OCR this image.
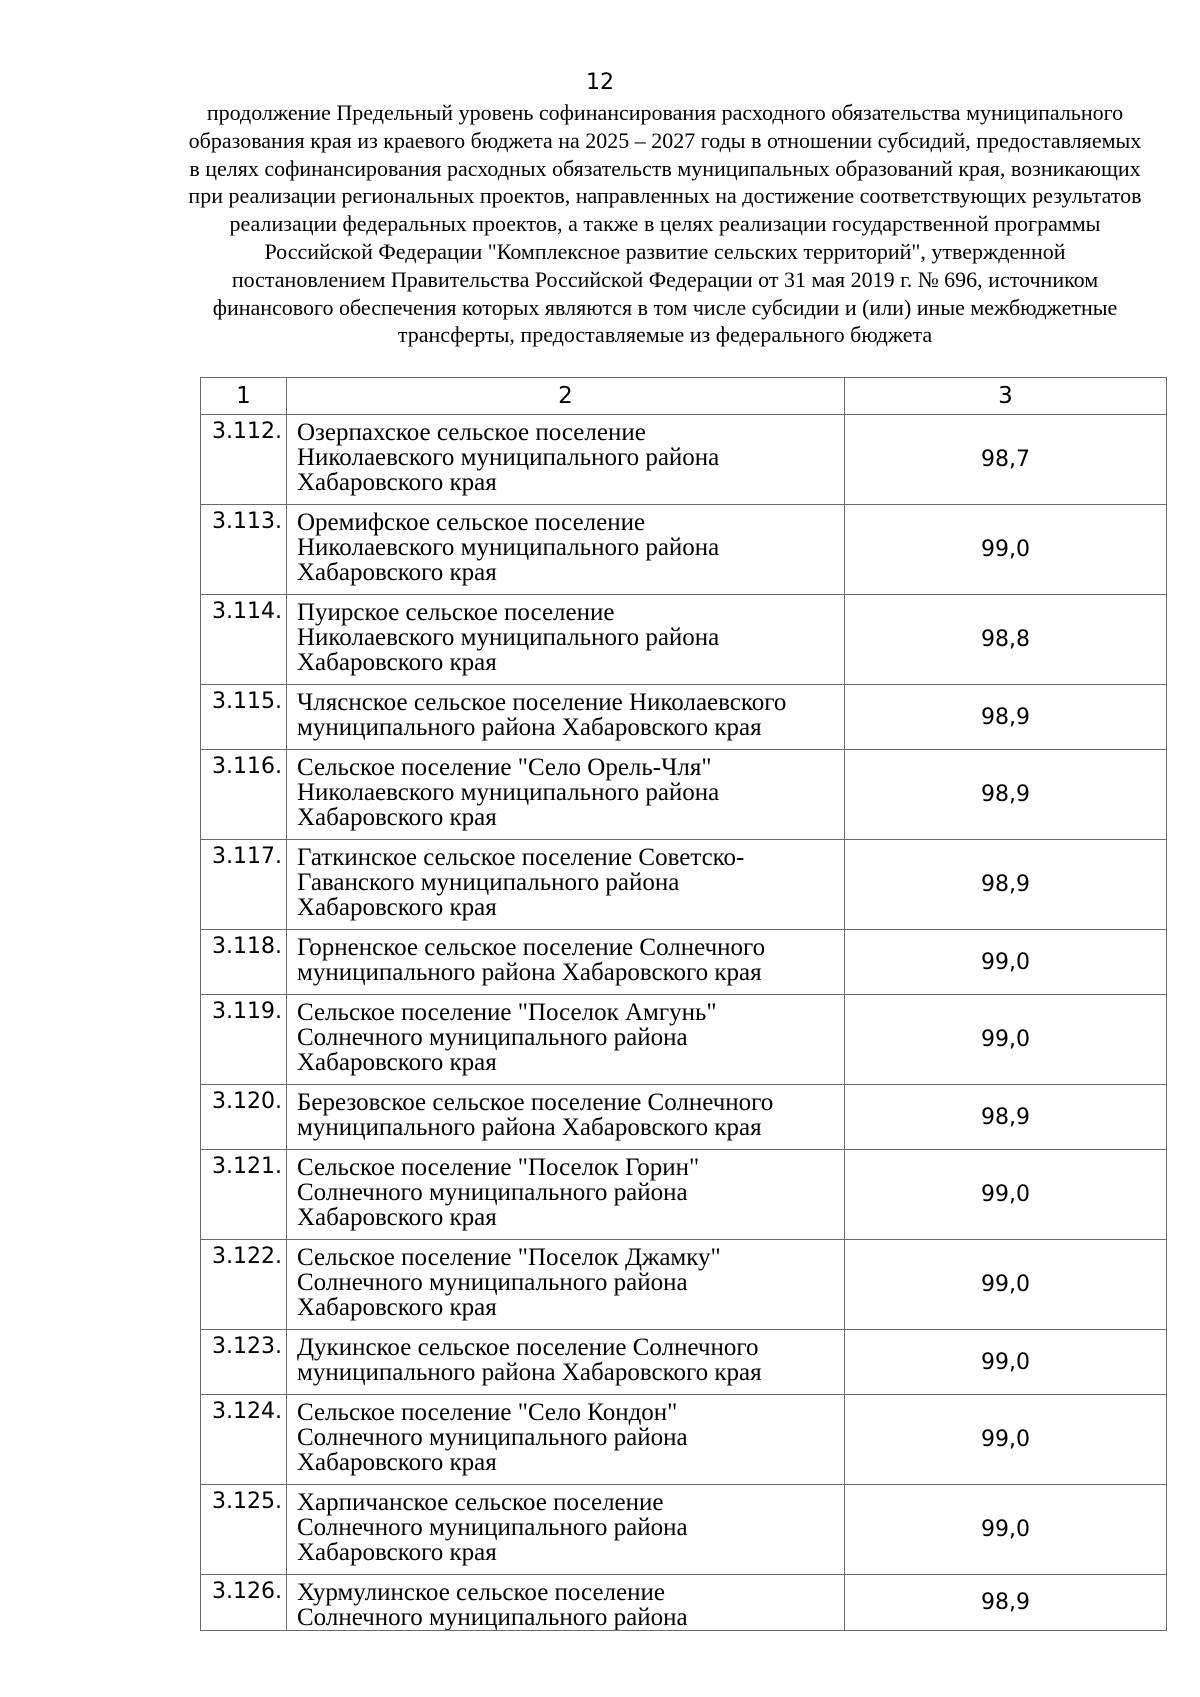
12
продолжение Предельный уровень софинансирования расходного обязательства муниципального образования края из краевого бюджета на 2025 – 2027 годы в отношении субсидий, предоставляемых в целях софинансирования расходных обязательств муниципальных образований края, возникающих при реализации региональных проектов, направленных на достижение соответствующих результатов реализации федеральных проектов, а также в целях реализации государственной программы Российской Федерации "Комплексное развитие сельских территорий", утвержденной постановлением Правительства Российской Федерации от 31 мая 2019 г. № 696, источником финансового обеспечения которых являются в том числе субсидии и (или) иные межбюджетные трансферты, предоставляемые из федерального бюджета
1	2	3
3.112.	Озерпахское сельское поселение
Николаевского муниципального района
Хабаровского края	98,7
3.113.	Оремифское сельское поселение
Николаевского муниципального района
Хабаровского края	99,0
3.114.	Пуирское сельское поселение
Николаевского муниципального района
Хабаровского края	98,8
3.115.	Чляснское сельское поселение Николаевского
муниципального района Хабаровского края	98,9
3.116.	Сельское поселение "Село Орель-Чля"
Николаевского муниципального района
Хабаровского края	98,9
3.117.	Гаткинское сельское поселение Советско-
Гаванского муниципального района
Хабаровского края	98,9
3.118.	Горненское сельское поселение Солнечного
муниципального района Хабаровского края	99,0
3.119.	Сельское поселение "Поселок Амгунь"
Солнечного муниципального района
Хабаровского края	99,0
3.120.	Березовское сельское поселение Солнечного
муниципального района Хабаровского края	98,9
3.121.	Сельское поселение "Поселок Горин"
Солнечного муниципального района
Хабаровского края	99,0
3.122.	Сельское поселение "Поселок Джамку"
Солнечного муниципального района
Хабаровского края	99,0
3.123.	Дукинское сельское поселение Солнечного
муниципального района Хабаровского края	99,0
3.124.	Сельское поселение "Село Кондон"
Солнечного муниципального района
Хабаровского края	99,0
3.125.	Харпичанское сельское поселение
Солнечного муниципального района
Хабаровского края	99,0
3.126.	Хурмулинское сельское поселение
Солнечного муниципального района	98,9
